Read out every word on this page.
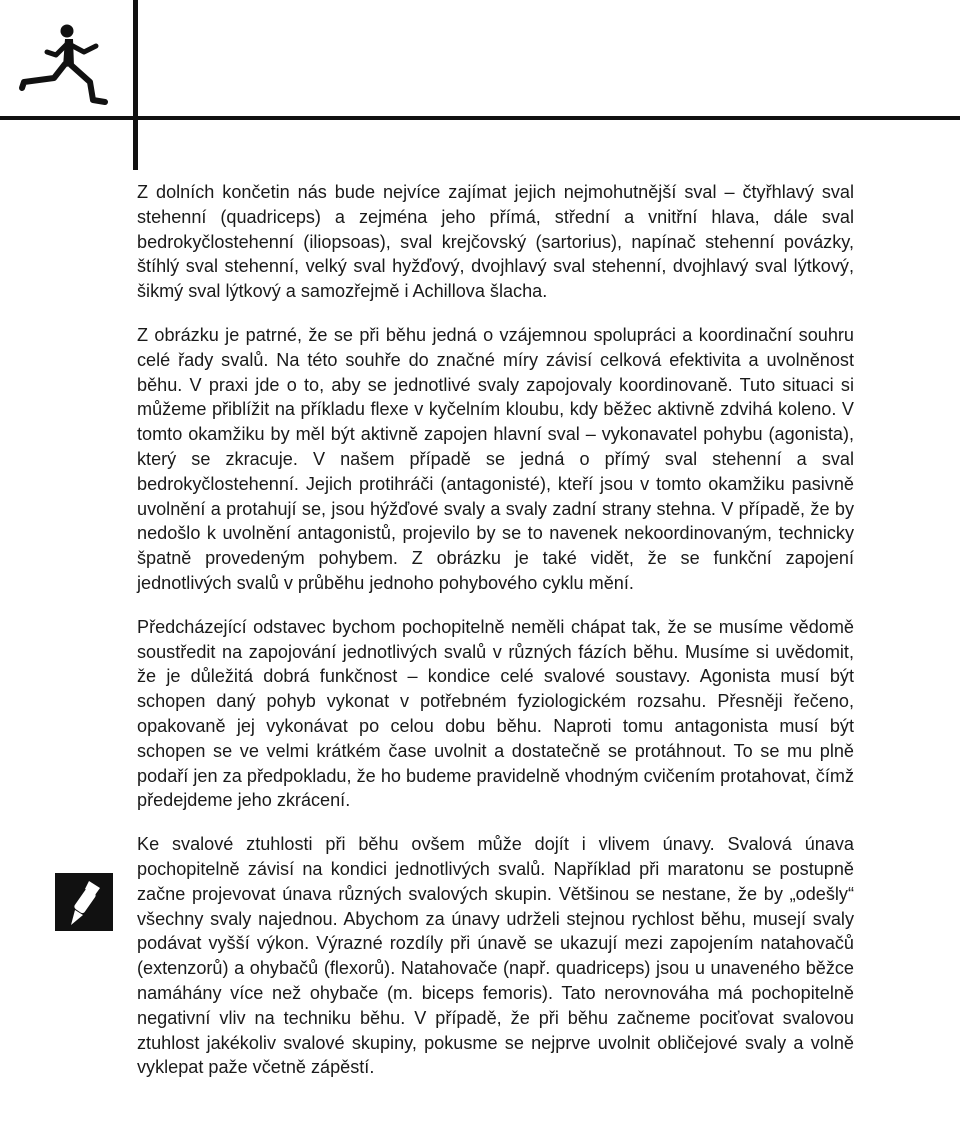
Z dolních končetin nás bude nejvíce zajímat jejich nejmohutnější sval – čtyřhlavý sval stehenní (quadriceps) a zejména jeho přímá, střední a vnitřní hlava, dále sval bedrokyčlostehenní (iliopsoas), sval krejčovský (sartorius), napínač stehenní povázky, štíhlý sval stehenní, velký sval hyžďový, dvojhlavý sval stehenní, dvojhlavý sval lýtkový, šikmý sval lýtkový a samozřejmě i Achillova šlacha.

Z obrázku je patrné, že se při běhu jedná o vzájemnou spolupráci a koordinační souhru celé řady svalů. Na této souhře do značné míry závisí celková efektivita a uvolněnost běhu. V praxi jde o to, aby se jednotlivé svaly zapojovaly koordinovaně. Tuto situaci si můžeme přiblížit na příkladu flexe v kyčelním kloubu, kdy běžec aktivně zdvihá koleno. V tomto okamžiku by měl být aktivně zapojen hlavní sval – vykonavatel pohybu (agonista), který se zkracuje. V našem případě se jedná o přímý sval stehenní a sval bedrokyčlostehenní. Jejich protihráči (antagonisté), kteří jsou v tomto okamžiku pasivně uvolnění a protahují se, jsou hýžďové svaly a svaly zadní strany stehna. V případě, že by nedošlo k uvolnění antagonistů, projevilo by se to navenek nekoordinovaným, technicky špatně provedeným pohybem. Z obrázku je také vidět, že se funkční zapojení jednotlivých svalů v průběhu jednoho pohybového cyklu mění.

Předcházející odstavec bychom pochopitelně neměli chápat tak, že se musíme vědomě soustředit na zapojování jednotlivých svalů v různých fázích běhu. Musíme si uvědomit, že je důležitá dobrá funkčnost – kondice celé svalové soustavy. Agonista musí být schopen daný pohyb vykonat v potřebném fyziologickém rozsahu. Přesněji řečeno, opakovaně jej vykonávat po celou dobu běhu. Naproti tomu antagonista musí být schopen se ve velmi krátkém čase uvolnit a dostatečně se protáhnout. To se mu plně podaří jen za předpokladu, že ho budeme pravidelně vhodným cvičením protahovat, čímž předejdeme jeho zkrácení.

Ke svalové ztuhlosti při běhu ovšem může dojít i vlivem únavy. Svalová únava pochopitelně závisí na kondici jednotlivých svalů. Například při maratonu se postupně začne projevovat únava různých svalových skupin. Většinou se nestane, že by „odešly“ všechny svaly najednou. Abychom za únavy udrželi stejnou rychlost běhu, musejí svaly podávat vyšší výkon. Výrazné rozdíly při únavě se ukazují mezi zapojením natahovačů (extenzorů) a ohybačů (flexorů). Natahovače (např. quadriceps) jsou u unaveného běžce namáhány více než ohybače (m. biceps femoris). Tato nerovnováha má pochopitelně negativní vliv na techniku běhu. V případě, že při běhu začneme pociťovat svalovou ztuhlost jakékoliv svalové skupiny, pokusme se nejprve uvolnit obličejové svaly a volně vyklepat paže včetně zápěstí.
